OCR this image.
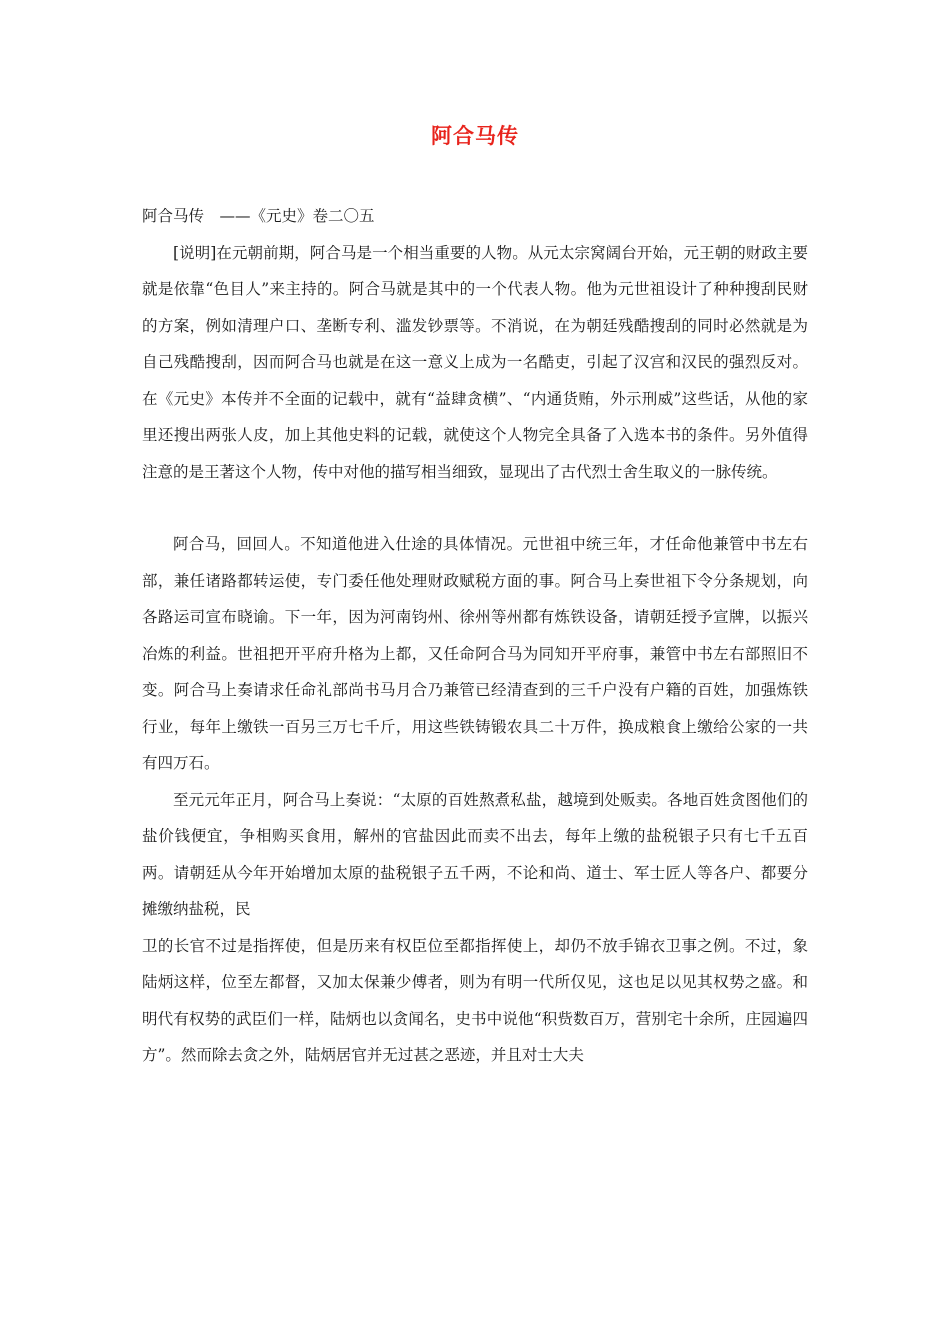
阿合马传

阿合马传　——《元史》卷二〇五

[说明]在元朝前期，阿合马是一个相当重要的人物。从元太宗窝阔台开始，元王朝的财政主要就是依靠“色目人”来主持的。阿合马就是其中的一个代表人物。他为元世祖设计了种种搜刮民财的方案，例如清理户口、垄断专利、滥发钞票等。不消说，在为朝廷残酷搜刮的同时必然就是为自己残酷搜刮，因而阿合马也就是在这一意义上成为一名酷吏，引起了汉宫和汉民的强烈反对。在《元史》本传并不全面的记载中，就有“益肆贪横”、“内通货贿，外示刑威”这些话，从他的家里还搜出两张人皮，加上其他史料的记载，就使这个人物完全具备了入选本书的条件。另外值得注意的是王著这个人物，传中对他的描写相当细致，显现出了古代烈士舍生取义的一脉传统。

阿合马，回回人。不知道他进入仕途的具体情况。元世祖中统三年，才任命他兼管中书左右部，兼任诸路都转运使，专门委任他处理财政赋税方面的事。阿合马上奏世祖下令分条规划，向各路运司宣布晓谕。下一年，因为河南钧州、徐州等州都有炼铁设备，请朝廷授予宣牌，以振兴冶炼的利益。世祖把开平府升格为上都，又任命阿合马为同知开平府事，兼管中书左右部照旧不变。阿合马上奏请求任命礼部尚书马月合乃兼管已经清查到的三千户没有户籍的百姓，加强炼铁行业，每年上缴铁一百另三万七千斤，用这些铁铸锻农具二十万件，换成粮食上缴给公家的一共有四万石。

至元元年正月，阿合马上奏说：“太原的百姓熬煮私盐，越境到处贩卖。各地百姓贪图他们的盐价钱便宜，争相购买食用，解州的官盐因此而卖不出去，每年上缴的盐税银子只有七千五百两。请朝廷从今年开始增加太原的盐税银子五千两，不论和尚、道士、军士匠人等各户、都要分摊缴纳盐税，民

卫的长官不过是指挥使，但是历来有权臣位至都指挥使上，却仍不放手锦衣卫事之例。不过，象陆炳这样，位至左都督，又加太保兼少傅者，则为有明一代所仅见，这也足以见其权势之盛。和明代有权势的武臣们一样，陆炳也以贪闻名，史书中说他“积赀数百万，营别宅十余所，庄园遍四方”。然而除去贪之外，陆炳居官并无过甚之恶迹，并且对士大夫
